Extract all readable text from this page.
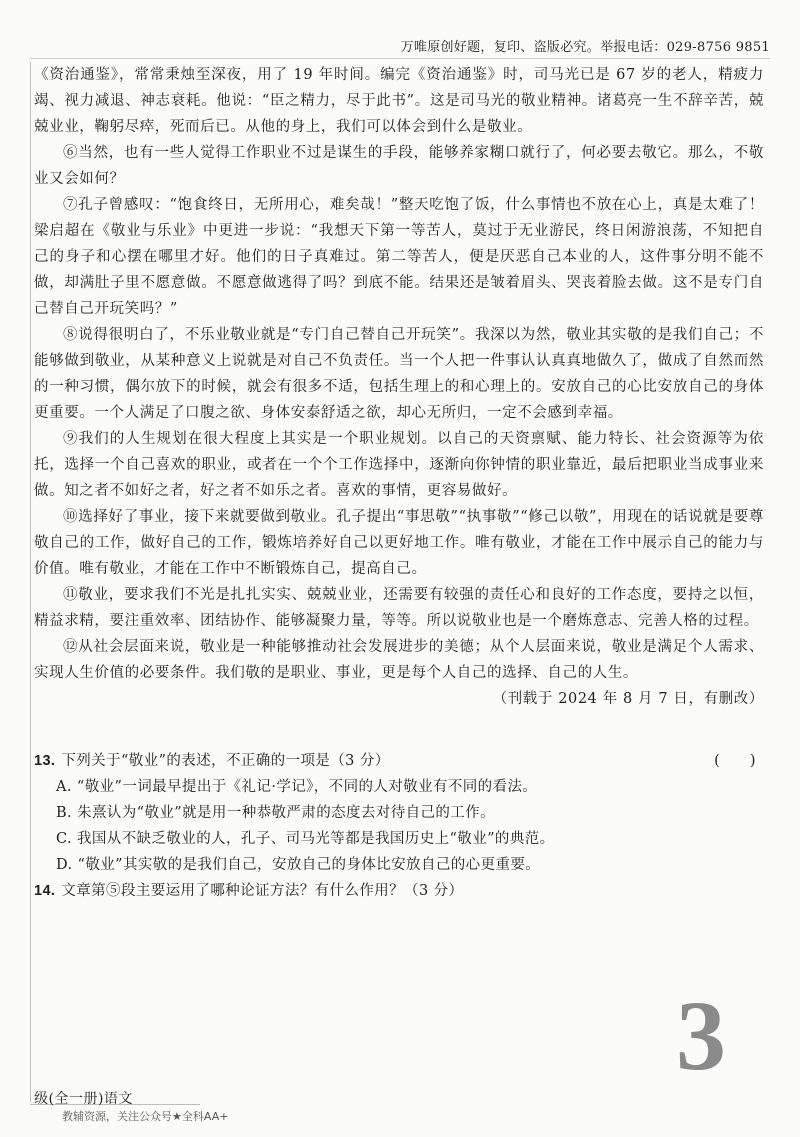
万唯原创好题，复印、盗版必究。举报电话：029-8756 9851

《资治通鉴》，常常秉烛至深夜，用了 19 年时间。编完《资治通鉴》时，司马光已是 67 岁的老人，精疲力竭、视力减退、神志衰耗。他说：“臣之精力，尽于此书”。这是司马光的敬业精神。诸葛亮一生不辞辛苦，兢兢业业，鞠躬尽瘁，死而后已。从他的身上，我们可以体会到什么是敬业。

⑥当然，也有一些人觉得工作职业不过是谋生的手段，能够养家糊口就行了，何必要去敬它。那么，不敬业又会如何？

⑦孔子曾感叹：“饱食终日，无所用心，难矣哉！”整天吃饱了饭，什么事情也不放在心上，真是太难了！梁启超在《敬业与乐业》中更进一步说：“我想天下第一等苦人，莫过于无业游民，终日闲游浪荡，不知把自己的身子和心摆在哪里才好。他们的日子真难过。第二等苦人，便是厌恶自己本业的人，这件事分明不能不做，却满肚子里不愿意做。不愿意做逃得了吗？到底不能。结果还是皱着眉头、哭丧着脸去做。这不是专门自己替自己开玩笑吗？”

⑧说得很明白了，不乐业敬业就是“专门自己替自己开玩笑”。我深以为然，敬业其实敬的是我们自己；不能够做到敬业，从某种意义上说就是对自己不负责任。当一个人把一件事认认真真地做久了，做成了自然而然的一种习惯，偶尔放下的时候，就会有很多不适，包括生理上的和心理上的。安放自己的心比安放自己的身体更重要。一个人满足了口腹之欲、身体安泰舒适之欲，却心无所归，一定不会感到幸福。

⑨我们的人生规划在很大程度上其实是一个职业规划。以自己的天资禀赋、能力特长、社会资源等为依托，选择一个自己喜欢的职业，或者在一个个工作选择中，逐渐向你钟情的职业靠近，最后把职业当成事业来做。知之者不如好之者，好之者不如乐之者。喜欢的事情，更容易做好。

⑩选择好了事业，接下来就要做到敬业。孔子提出“事思敬”“执事敬”“修己以敬”，用现在的话说就是要尊敬自己的工作，做好自己的工作，锻炼培养好自己以更好地工作。唯有敬业，才能在工作中展示自己的能力与价值。唯有敬业，才能在工作中不断锻炼自己，提高自己。

⑪敬业，要求我们不光是扎扎实实、兢兢业业，还需要有较强的责任心和良好的工作态度，要持之以恒，精益求精，要注重效率、团结协作、能够凝聚力量，等等。所以说敬业也是一个磨炼意志、完善人格的过程。

⑫从社会层面来说，敬业是一种能够推动社会发展进步的美德；从个人层面来说，敬业是满足个人需求、实现人生价值的必要条件。我们敬的是职业、事业，更是每个人自己的选择、自己的人生。

（刊载于 2024 年 8 月 7 日，有删改）

13. 下列关于“敬业”的表述，不正确的一项是（3 分）	(　　)
A. “敬业”一词最早提出于《礼记·学记》，不同的人对敬业有不同的看法。
B. 朱熹认为“敬业”就是用一种恭敬严肃的态度去对待自己的工作。
C. 我国从不缺乏敬业的人，孔子、司马光等都是我国历史上“敬业”的典范。
D. “敬业”其实敬的是我们自己，安放自己的身体比安放自己的心更重要。
14. 文章第⑤段主要运用了哪种论证方法？有什么作用？（3 分）
3
级(全一册)语文
教辅资源，关注公众号★全科AA+
